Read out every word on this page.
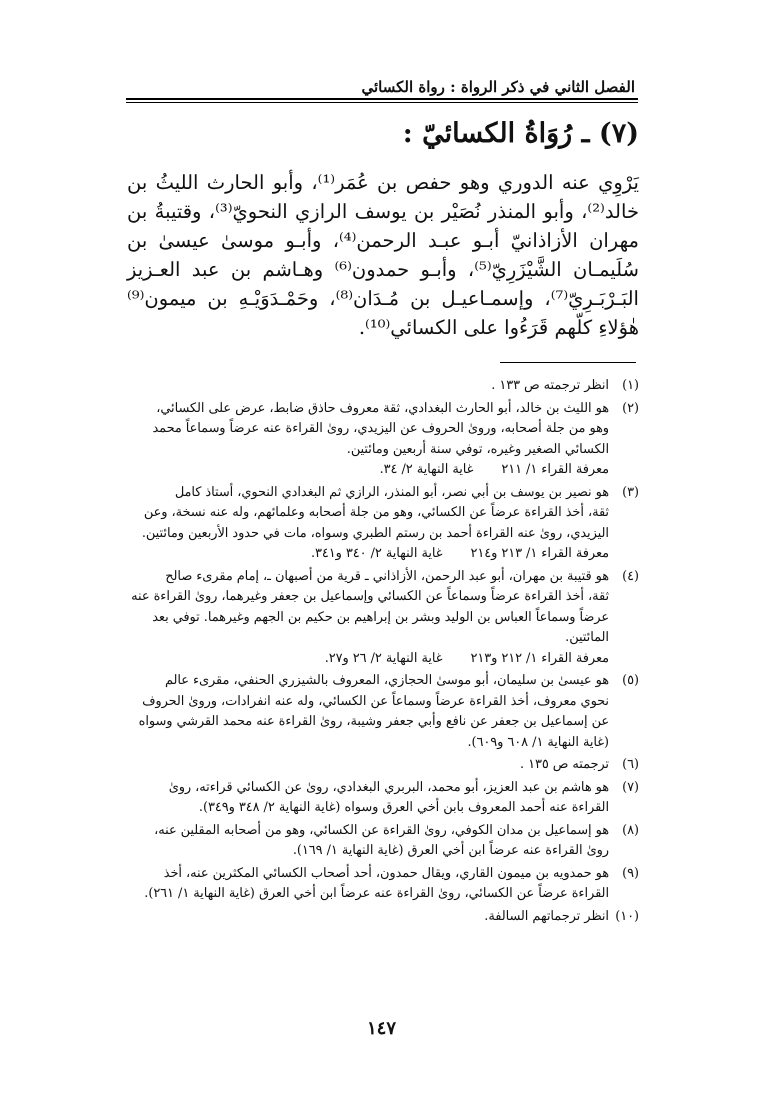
الفصل الثاني في ذكر الرواة : رواة الكسائي
(٧) ـ رُوَاةُ الكسائيّ :
يَرْوِي عنه الدوري وهو حفص بن عُمَر⁽¹⁾، وأبو الحارث الليثُ بن خالد⁽²⁾، وأبو المنذر نُصَيْر بن يوسف الرازي النحويّ⁽³⁾، وقتيبةُ بن مهران الأزاذانيّ أبـو عبـد الرحمن⁽⁴⁾، وأبـو موسىٰ عيسىٰ بن سُلَيمـان الشَّيْزَرِيّ⁽⁵⁾، وأبـو حمدون⁽⁶⁾ وهـاشم بن عبد العـزيز البَـرْبَـرِيّ⁽⁷⁾، وإسمـاعيـل بن مُـدَان⁽⁸⁾، وحَمْـدَوَيْـهِ بن ميمون⁽⁹⁾ هٰؤلاءِ كلّهم قَرَءُوا على الكسائي⁽¹⁰⁾.
(١)
انظر ترجمته ص ١٣٣ .
(٢)
هو الليث بن خالد، أبو الحارث البغدادي، ثقة معروف حاذق ضابط، عرض على الكسائي،
وهو من جلة أصحابه، وروىٰ الحروف عن اليزيدي، روىٰ القراءة عنه عرضاً وسماعاً محمد
الكسائي الصغير وغيره، توفي سنة أربعين ومائتين.
معرفة القراء ١/ ٢١١غاية النهاية ٢/ ٣٤.
(٣)
هو نصير بن يوسف بن أبي نصر، أبو المنذر، الرازي ثم البغدادي النحوي، أستاذ كامل
ثقة، أخذ القراءة عرضاً عن الكسائي، وهو من جلة أصحابه وعلمائهم، وله عنه نسخة، وعن
اليزيدي، روىٰ عنه القراءة أحمد بن رستم الطبري وسواه، مات في حدود الأربعين ومائتين.
معرفة القراء ١/ ٢١٣ و٢١٤غاية النهاية ٢/ ٣٤٠ و٣٤١.
(٤)
هو قتيبة بن مهران، أبو عبد الرحمن، الأزاذاني ـ قرية من أصبهان ـ، إمام مقرىء صالح
ثقة، أخذ القراءة عرضاً وسماعاً عن الكسائي وإسماعيل بن جعفر وغيرهما، روىٰ القراءة عنه
عرضاً وسماعاً العباس بن الوليد وبشر بن إبراهيم بن حكيم بن الجهم وغيرهما. توفي بعد
المائتين.
معرفة القراء ١/ ٢١٢ و٢١٣غاية النهاية ٢/ ٢٦ و٢٧.
(٥)
هو عيسىٰ بن سليمان، أبو موسىٰ الحجازي، المعروف بالشيزري الحنفي، مقرىء عالم
نحوي معروف، أخذ القراءة عرضاً وسماعاً عن الكسائي، وله عنه انفرادات، وروىٰ الحروف
عن إسماعيل بن جعفر عن نافع وأبي جعفر وشيبة، روىٰ القراءة عنه محمد القرشي وسواه
(غاية النهاية ١/ ٦٠٨ و٦٠٩).
(٦)
ترجمته ص ١٣٥ .
(٧)
هو هاشم بن عبد العزيز، أبو محمد، البربري البغدادي، روىٰ عن الكسائي قراءته، روىٰ
القراءة عنه أحمد المعروف بابن أخي العرق وسواه (غاية النهاية ٢/ ٣٤٨ و٣٤٩).
(٨)
هو إسماعيل بن مدان الكوفي، روىٰ القراءة عن الكسائي، وهو من أصحابه المقلين عنه،
روىٰ القراءة عنه عرضاً ابن أخي العرق (غاية النهاية ١/ ١٦٩).
(٩)
هو حمدويه بن ميمون القاري، ويقال حمدون، أحد أصحاب الكسائي المكثرين عنه، أخذ
القراءة عرضاً عن الكسائي، روىٰ القراءة عنه عرضاً ابن أخي العرق (غاية النهاية ١/ ٢٦١).
(١٠)
انظر ترجماتهم السالفة.
١٤٧
